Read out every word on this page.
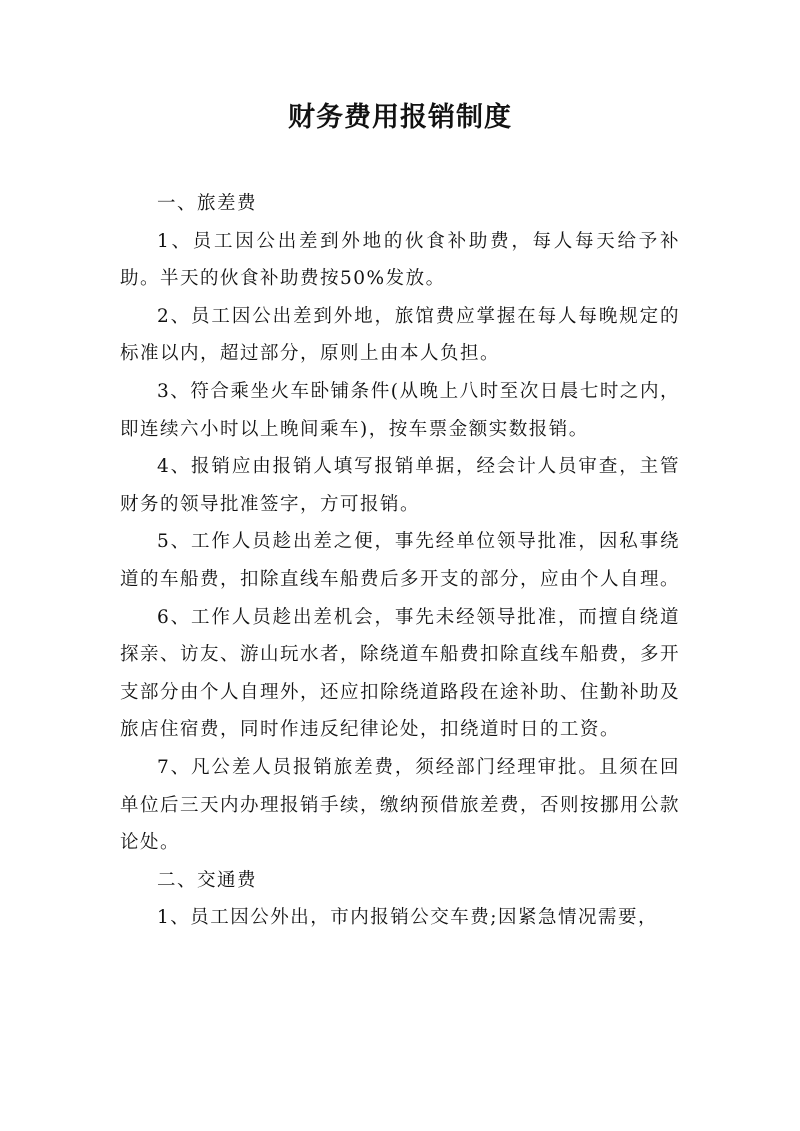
财务费用报销制度

一、旅差费

1、员工因公出差到外地的伙食补助费，每人每天给予补助。半天的伙食补助费按50%发放。

2、员工因公出差到外地，旅馆费应掌握在每人每晚规定的标准以内，超过部分，原则上由本人负担。

3、符合乘坐火车卧铺条件(从晚上八时至次日晨七时之内，即连续六小时以上晚间乘车)，按车票金额实数报销。

4、报销应由报销人填写报销单据，经会计人员审查，主管财务的领导批准签字，方可报销。

5、工作人员趁出差之便，事先经单位领导批准，因私事绕道的车船费，扣除直线车船费后多开支的部分，应由个人自理。

6、工作人员趁出差机会，事先未经领导批准，而擅自绕道探亲、访友、游山玩水者，除绕道车船费扣除直线车船费，多开支部分由个人自理外，还应扣除绕道路段在途补助、住勤补助及旅店住宿费，同时作违反纪律论处，扣绕道时日的工资。

7、凡公差人员报销旅差费，须经部门经理审批。且须在回单位后三天内办理报销手续，缴纳预借旅差费，否则按挪用公款论处。

二、交通费

1、员工因公外出，市内报销公交车费;因紧急情况需要，
